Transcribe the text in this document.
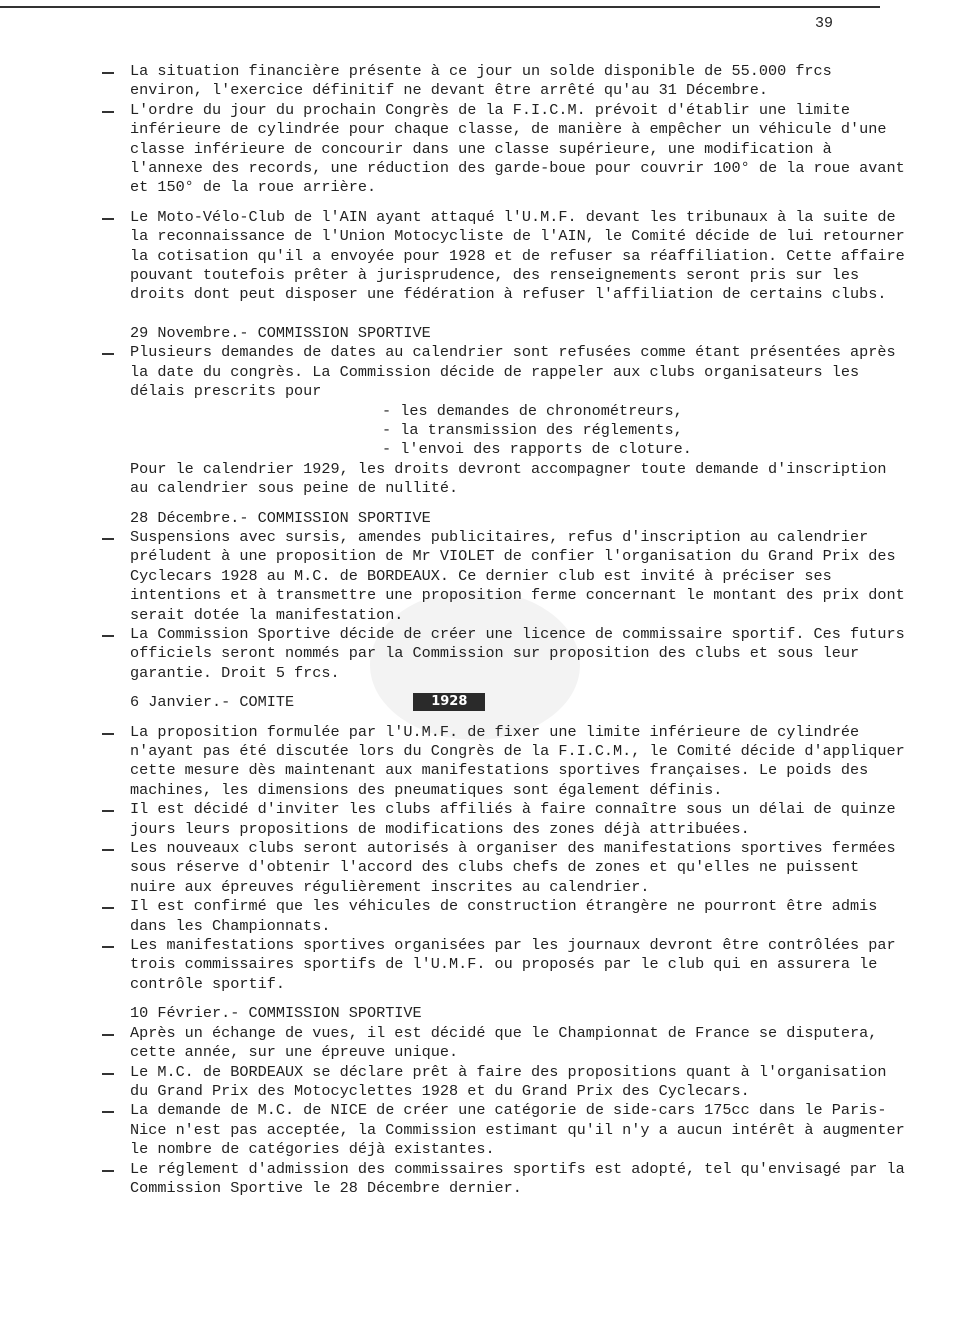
39
La situation financière présente à ce jour un solde disponible de 55.000 frcs environ, l'exercice définitif ne devant être arrêté qu'au 31 Décembre.
L'ordre du jour du prochain Congrès de la F.I.C.M. prévoit d'établir une limite inférieure de cylindrée pour chaque classe, de manière à empêcher un véhicule d'une classe inférieure de concourir dans une classe supérieure, une modification à l'annexe des records, une réduction des garde-boue pour couvrir 100° de la roue avant et 150° de la roue arrière.
Le Moto-Vélo-Club de l'AIN ayant attaqué l'U.M.F. devant les tribunaux à la suite de la reconnaissance de l'Union Motocycliste de l'AIN, le Comité décide de lui retourner la cotisation qu'il a envoyée pour 1928 et de refuser sa réaffiliation. Cette affaire pouvant toutefois prêter à jurisprudence, des renseignements seront pris sur les droits dont peut disposer une fédération à refuser l'affiliation de certains clubs.
29 Novembre.- COMMISSION SPORTIVE
Plusieurs demandes de dates au calendrier sont refusées comme étant présentées après la date du congrès. La Commission décide de rappeler aux clubs organisateurs les délais prescrits pour
- les demandes de chronométreurs,
- la transmission des réglements,
- l'envoi des rapports de cloture.
Pour le calendrier 1929, les droits devront accompagner toute demande d'inscription au calendrier sous peine de nullité.
28 Décembre.- COMMISSION SPORTIVE
Suspensions avec sursis, amendes publicitaires, refus d'inscription au calendrier préludent à une proposition de Mr VIOLET de confier l'organisation du Grand Prix des Cyclecars 1928 au M.C. de BORDEAUX. Ce dernier club est invité à préciser ses intentions et à transmettre une proposition ferme concernant le montant des prix dont serait dotée la manifestation.
La Commission Sportive décide de créer une licence de commissaire sportif. Ces futurs officiels seront nommés par la Commission sur proposition des clubs et sous leur garantie. Droit 5 frcs.
6 Janvier.- COMITE	1928
La proposition formulée par l'U.M.F. de fixer une limite inférieure de cylindrée n'ayant pas été discutée lors du Congrès de la F.I.C.M., le Comité décide d'appliquer cette mesure dès maintenant aux manifestations sportives françaises. Le poids des machines, les dimensions des pneumatiques sont également définis.
Il est décidé d'inviter les clubs affiliés à faire connaître sous un délai de quinze jours leurs propositions de modifications des zones déjà attribuées.
Les nouveaux clubs seront autorisés à organiser des manifestations sportives fermées sous réserve d'obtenir l'accord des clubs chefs de zones et qu'elles ne puissent nuire aux épreuves régulièrement inscrites au calendrier.
Il est confirmé que les véhicules de construction étrangère ne pourront être admis dans les Championnats.
Les manifestations sportives organisées par les journaux devront être contrôlées par trois commissaires sportifs de l'U.M.F. ou proposés par le club qui en assurera le contrôle sportif.
10 Février.- COMMISSION SPORTIVE
Après un échange de vues, il est décidé que le Championnat de France se disputera, cette année, sur une épreuve unique.
Le M.C. de BORDEAUX se déclare prêt à faire des propositions quant à l'organisation du Grand Prix des Motocyclettes 1928 et du Grand Prix des Cyclecars.
La demande de M.C. de NICE de créer une catégorie de side-cars 175cc dans le Paris-Nice n'est pas acceptée, la Commission estimant qu'il n'y a aucun intérêt à augmenter le nombre de catégories déjà existantes.
Le réglement d'admission des commissaires sportifs est adopté, tel qu'envisagé par la Commission Sportive le 28 Décembre dernier.
